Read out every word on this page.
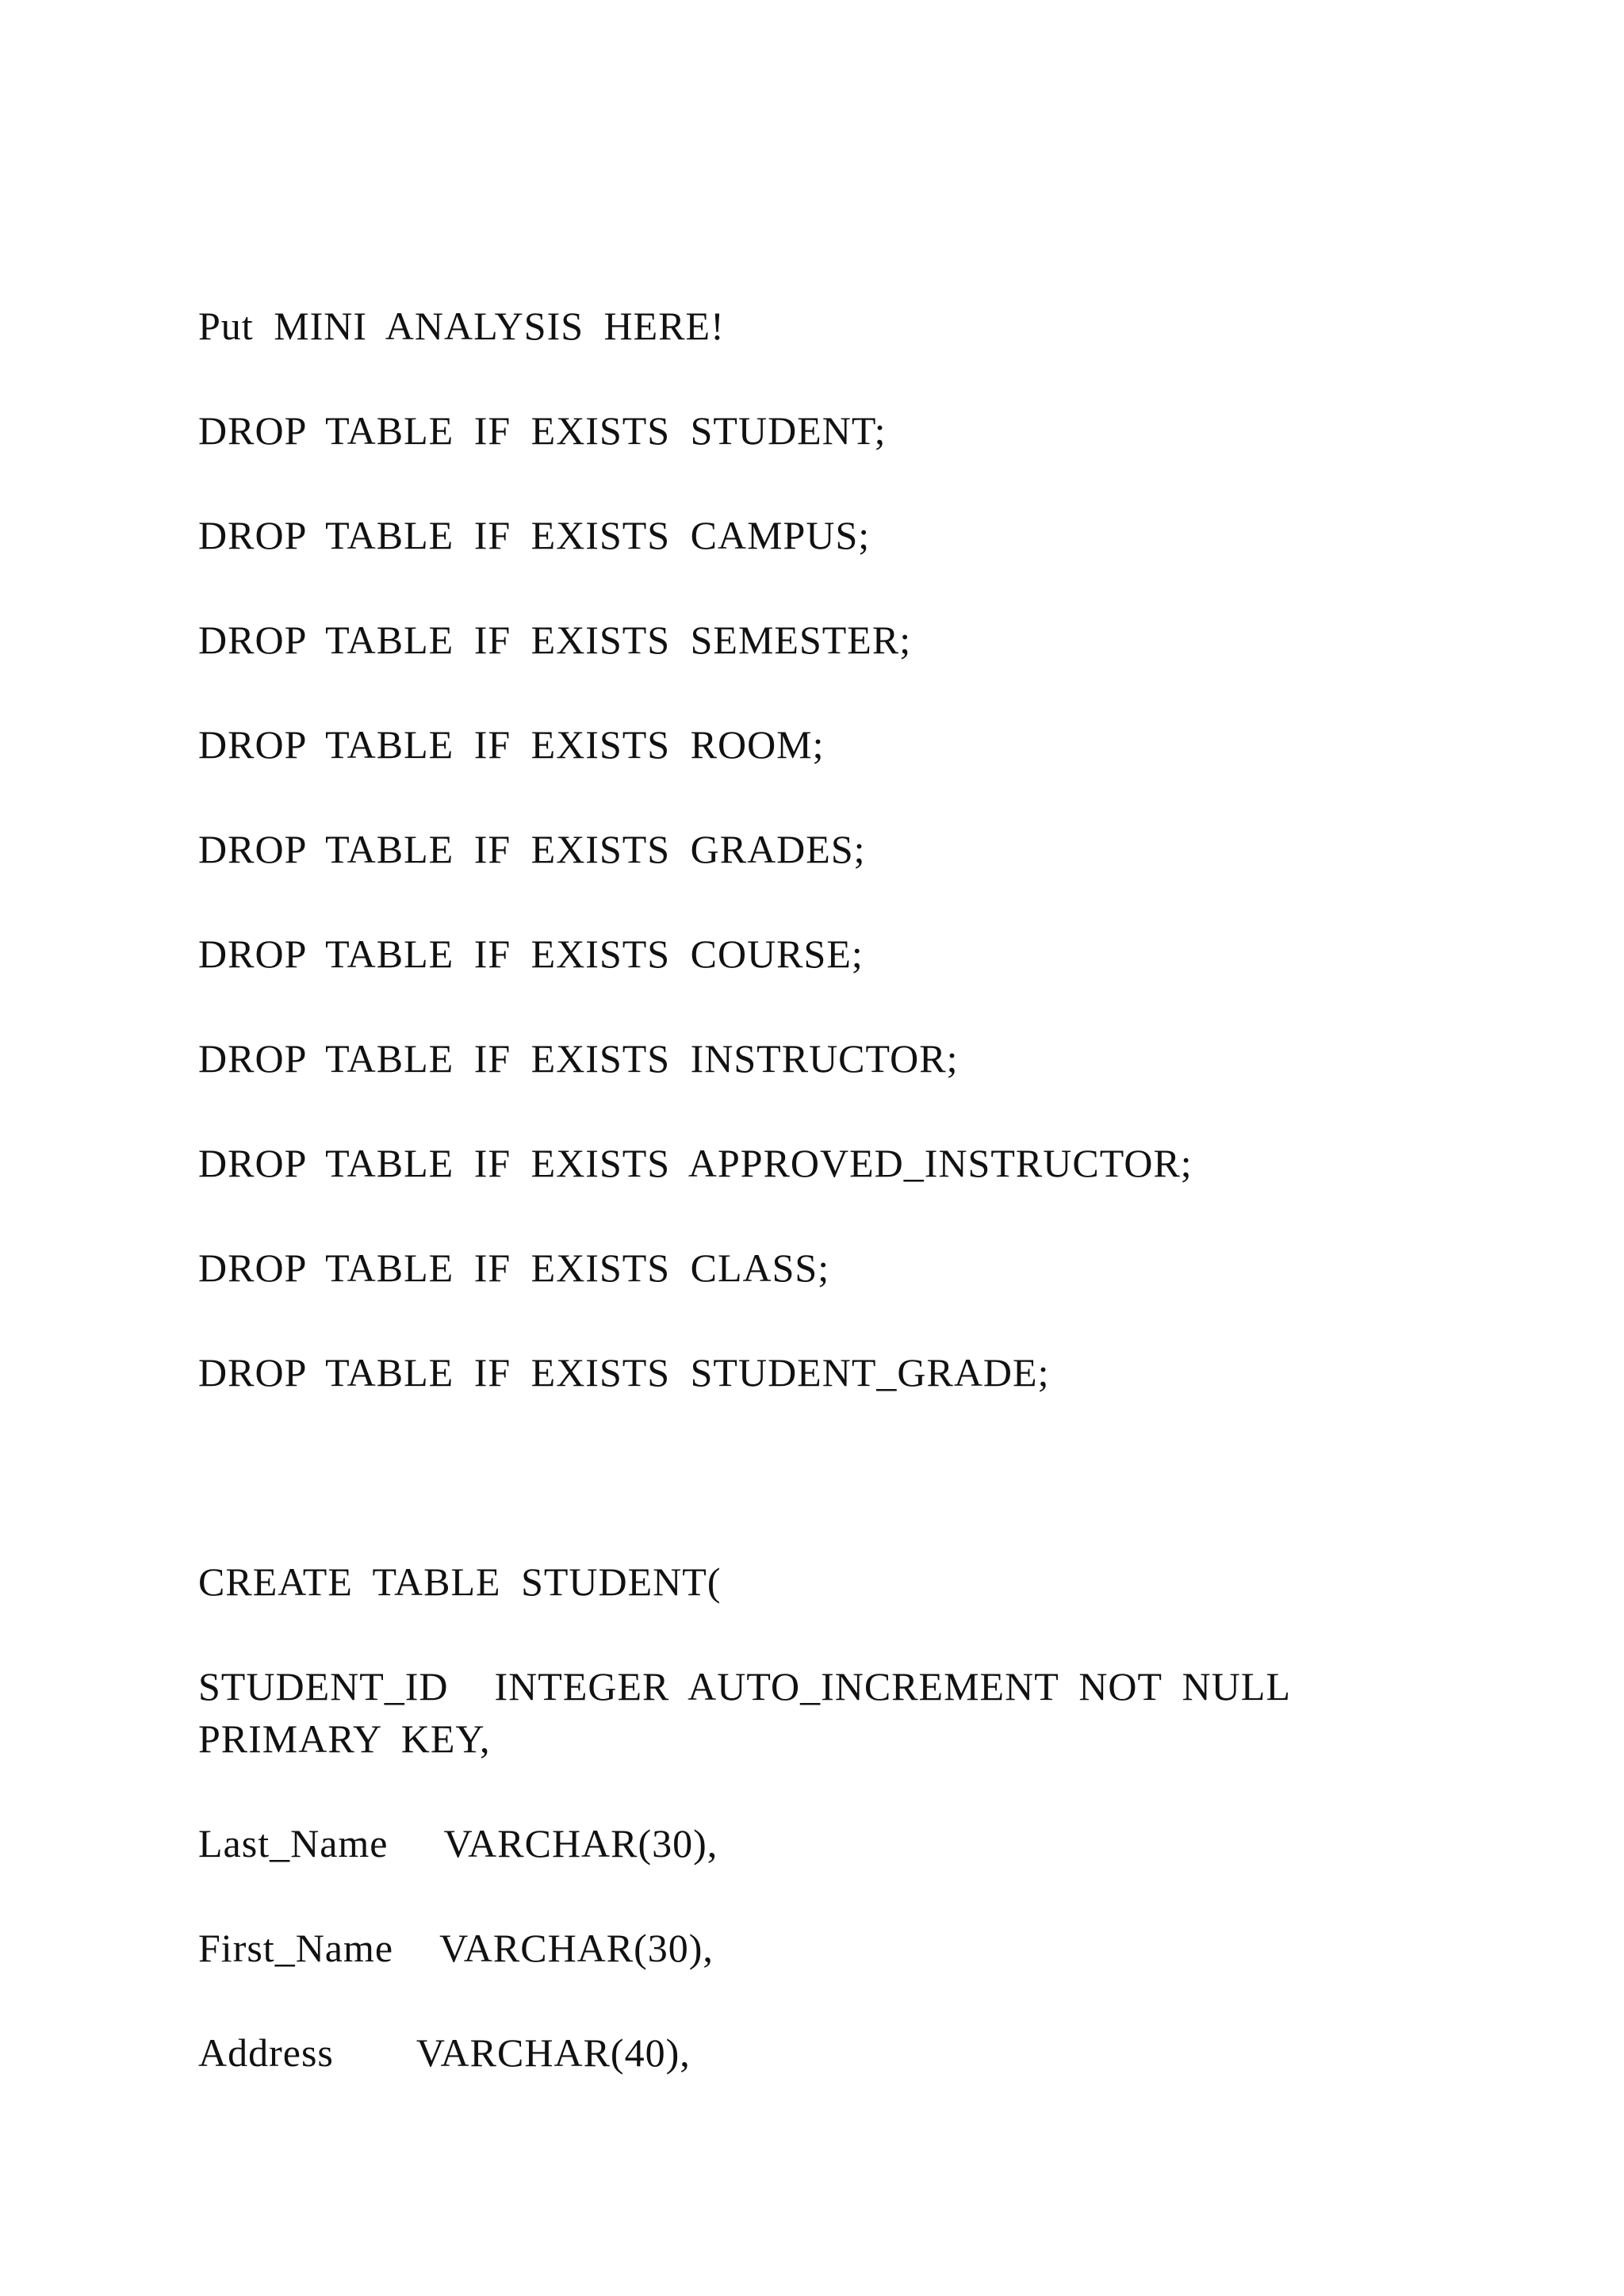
Put MINI ANALYSIS HERE!

DROP TABLE IF EXISTS STUDENT;

DROP TABLE IF EXISTS CAMPUS;

DROP TABLE IF EXISTS SEMESTER;

DROP TABLE IF EXISTS ROOM;

DROP TABLE IF EXISTS GRADES;

DROP TABLE IF EXISTS COURSE;

DROP TABLE IF EXISTS INSTRUCTOR;

DROP TABLE IF EXISTS APPROVED_INSTRUCTOR;

DROP TABLE IF EXISTS CLASS;

DROP TABLE IF EXISTS STUDENT_GRADE;

CREATE TABLE STUDENT(

STUDENT_ID INTEGER AUTO_INCREMENT NOT NULL PRIMARY KEY,

Last_Name VARCHAR(30),

First_Name VARCHAR(30),

Address VARCHAR(40),
